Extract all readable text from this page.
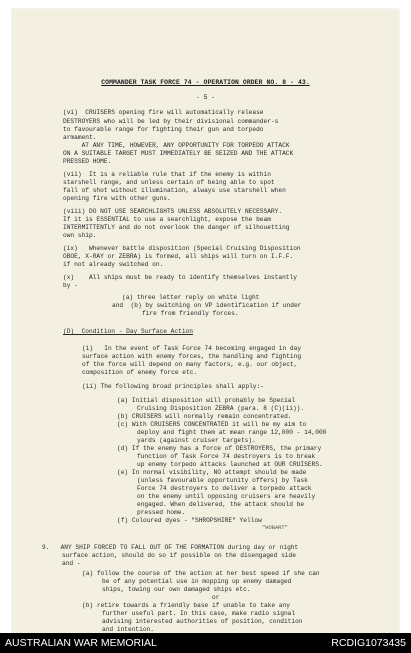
COMMANDER TASK FORCE 74 - OPERATION ORDER NO. 8 - 43.
- 5 -
(vi)  CRUISERS opening fire will automatically release
DESTROYERS who will be led by their divisional commander-s
to favourable range for fighting their gun and torpedo
armament.
AT ANY TIME, HOWEVER, ANY OPPORTUNITY FOR TORPEDO ATTACK
ON A SUITABLE TARGET MUST IMMEDIATELY BE SEIZED AND THE ATTACK
PRESSED HOME.
(vii)  It is a reliable rule that if the enemy is within
starshell range, and unless certain of being able to spot
fall of shot without illumination, always use starshell when
opening fire with other guns.
(viii) DO NOT USE SEARCHLIGHTS UNLESS ABSOLUTELY NECESSARY.
If it is ESSENTIAL to use a searchlight, expose the beam
INTERMITTENTLY and do not overlook the danger of silhouetting
own ship.
(ix)   Whenever battle disposition (Special Cruising Disposition
OBOE, X-RAY or ZEBRA) is formed, all ships will turn on I.F.F.
if not already switched on.
(x)    All ships must be ready to identify themselves instantly
by -
(a) three letter reply on white light
and  (b) by switching on VP identification if under
fire from friendly forces.
(D)  Condition - Day Surface Action
(i)   In the event of Task Force 74 becoming engaged in day
surface action with enemy forces, the handling and fighting
of the force will depend on many factors, e.g. our object,
composition of enemy force etc.
(ii) The following broad principles shall apply:-
(a) Initial disposition will probably be Special
Cruising Disposition ZEBRA (para. 8 (C)(ii)).
(b) CRUISERS will normally remain concentrated.
(c) With CRUISERS CONCENTRATED it will be my aim to
deploy and fight them at mean range 12,000 - 14,000
yards (against cruiser targets).
(d) If the enemy has a force of DESTROYERS, the primary
function of Task Force 74 destroyers is to break
up enemy torpedo attacks launched at OUR CRUISERS.
(e) In normal visibility, NO attempt should be made
(unless favourable opportunity offers) by Task
Force 74 destroyers to deliver a torpedo attack
on the enemy until opposing cruisers are heavily
engaged. When delivered, the attack should be
pressed home.
(f) Coloured dyes - "SHROPSHIRE" Yellow
"HOBART"
9.   ANY SHIP FORCED TO FALL OUT OF THE FORMATION during day or night
surface action, should do so if possible on the disengaged side
and -
(a) follow the course of the action at her best speed if she can
be of any potential use in mopping up enemy damaged
ships, towing our own damaged ships etc.
or
(b) retire towards a friendly base if unable to take any
further useful part. In this case, make radio signal
advising interested authorities of position, condition
and intention.
AUSTRALIAN WAR MEMORIAL	RCDIG1073435
